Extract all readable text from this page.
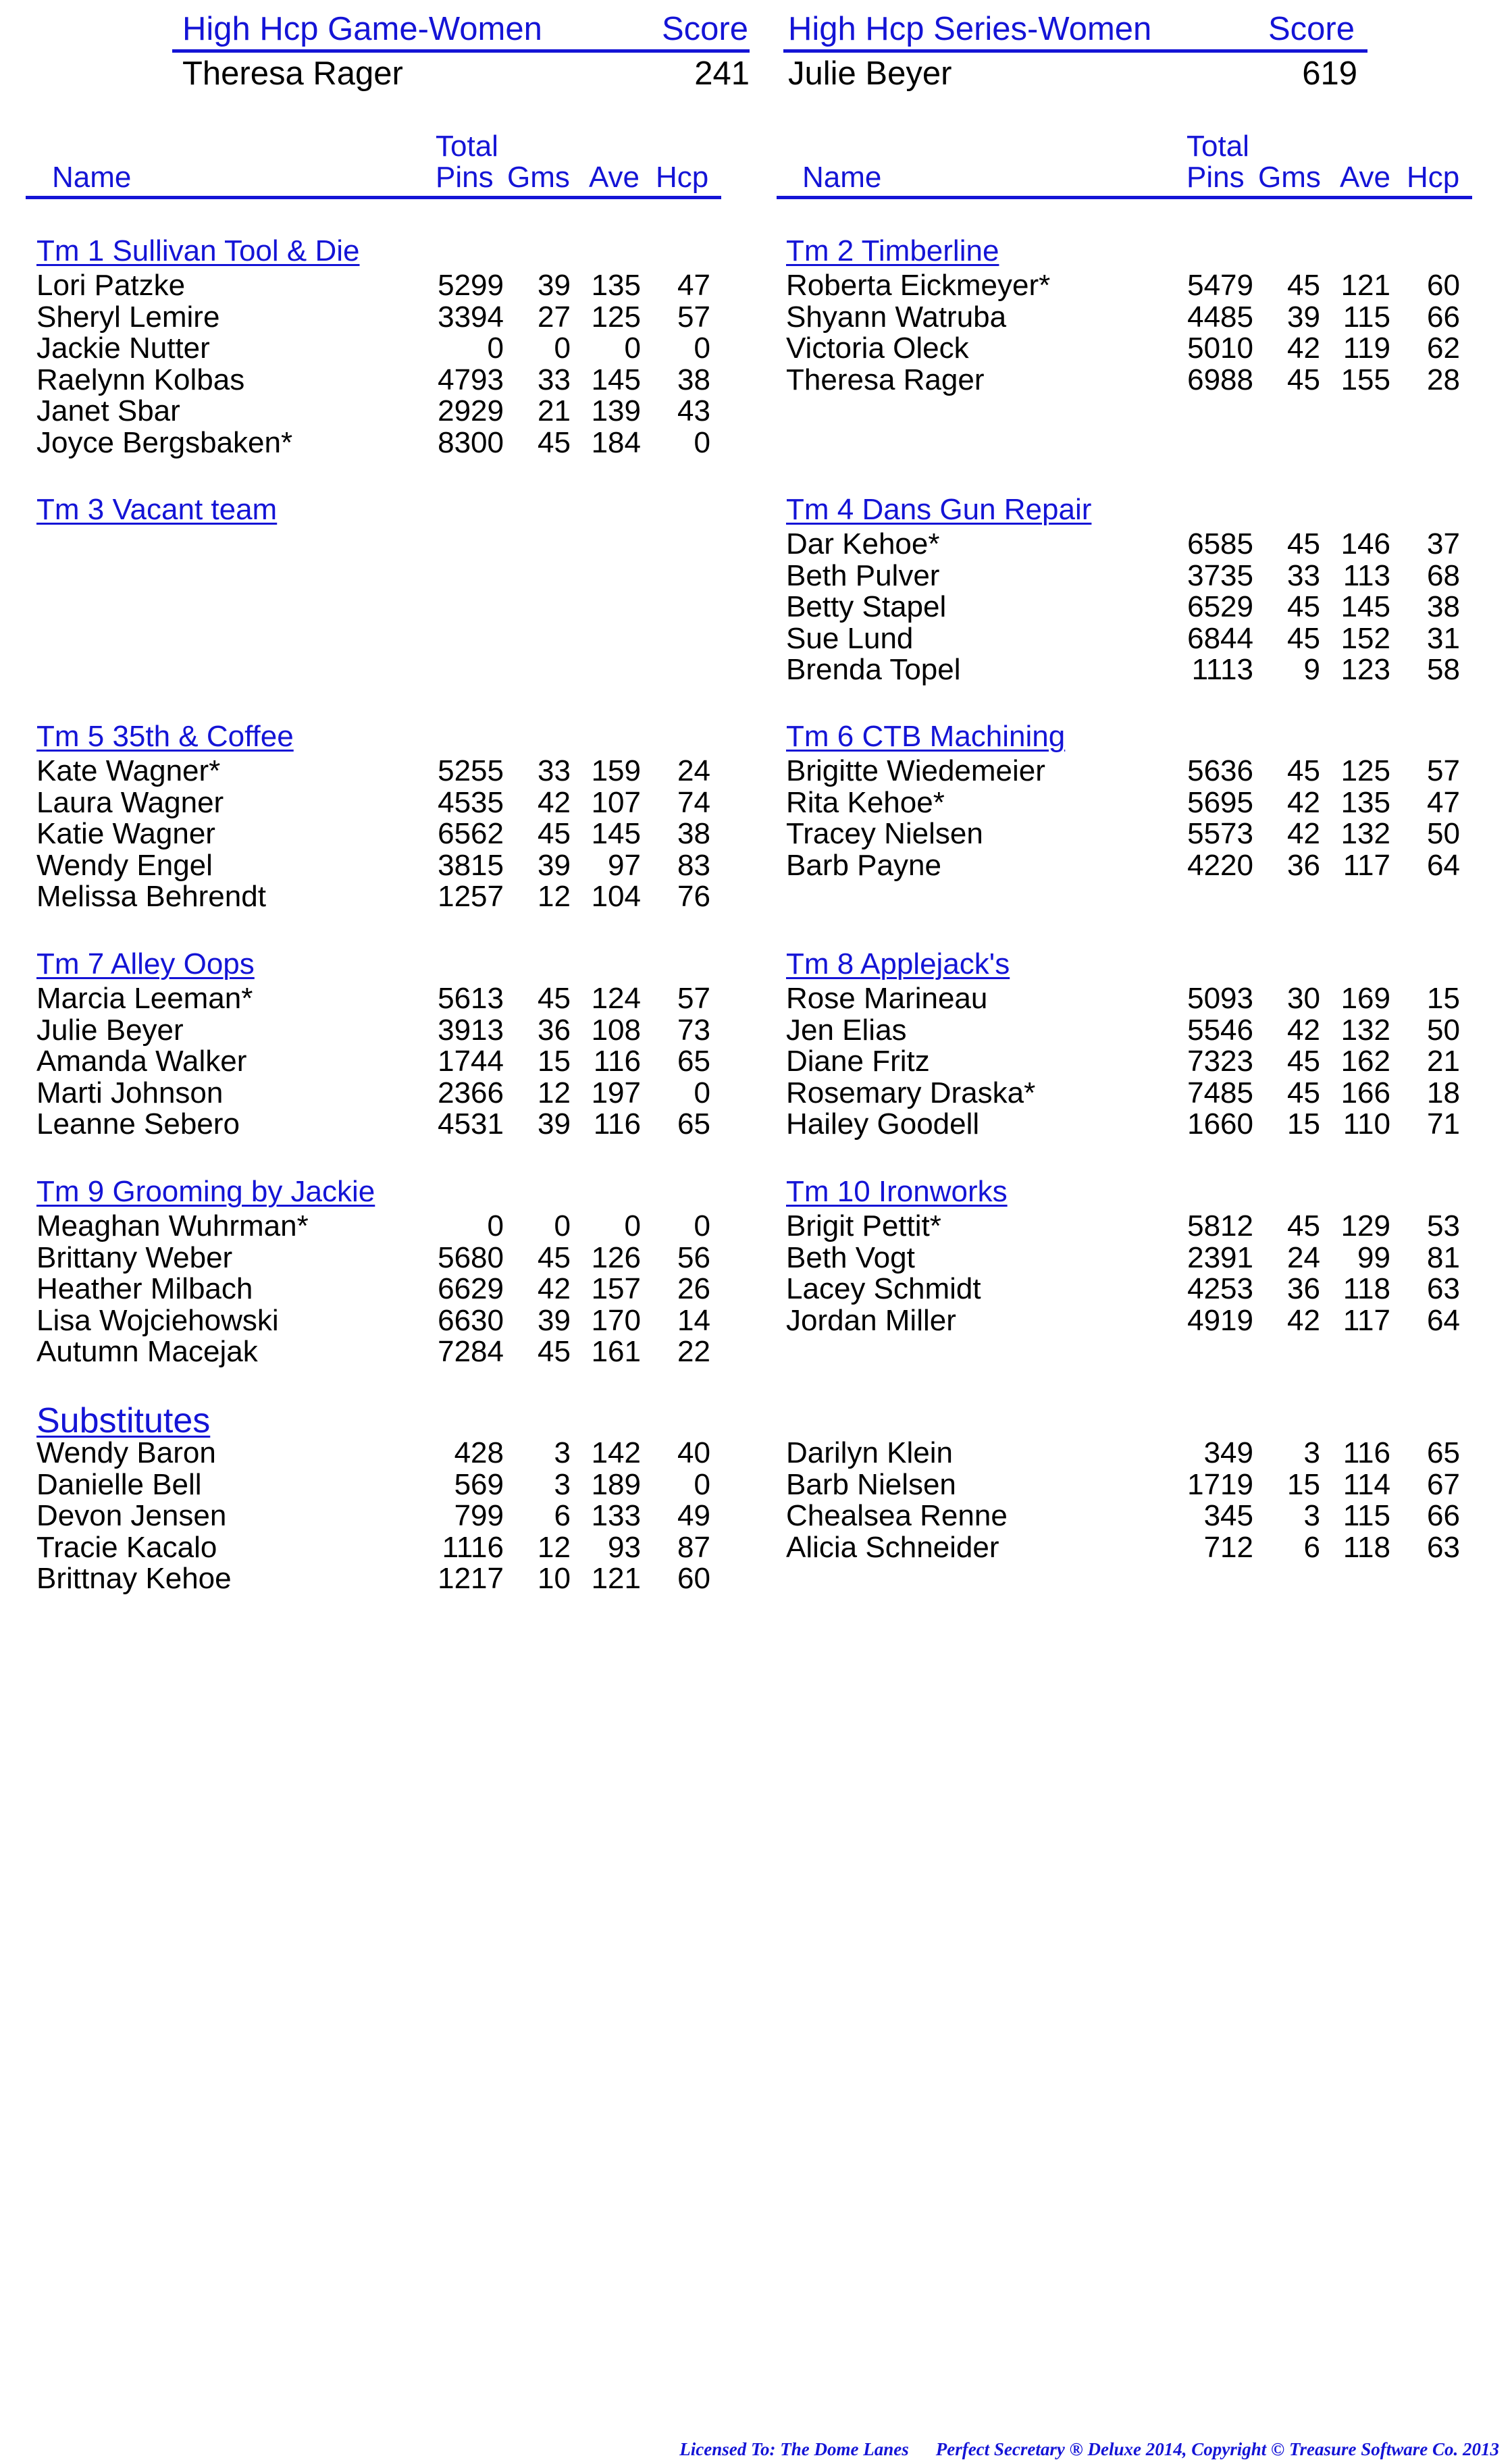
High Hcp Game-Women	Score
Theresa Rager	241
High Hcp Series-Women	Score
Julie Beyer	619
Total
Name	Pins Gms Ave Hcp
Total
Name	Pins Gms Ave Hcp
Tm 1 Sullivan Tool & Die
Lori Patzke	5299	39 135	47
Sheryl Lemire	3394	27 125	57
Jackie Nutter	0	0	0	0
Raelynn Kolbas	4793	33 145	38
Janet Sbar	2929	21 139	43
Joyce Bergsbaken*	8300	45 184	0
Tm 3 Vacant team
Tm 5 35th & Coffee
Kate Wagner*	5255	33 159	24
Laura Wagner	4535	42 107	74
Katie Wagner	6562	45 145	38
Wendy Engel	3815	39	97	83
Melissa Behrendt	1257	12 104	76
Tm 7 Alley Oops
Marcia Leeman*	5613	45 124	57
Julie Beyer	3913	36 108	73
Amanda Walker	1744	15 116	65
Marti Johnson	2366	12 197	0
Leanne Sebero	4531	39 116	65
Tm 9 Grooming by Jackie
Meaghan Wuhrman*	0	0	0	0
Brittany Weber	5680	45 126	56
Heather Milbach	6629	42 157	26
Lisa Wojciehowski	6630	39 170	14
Autumn Macejak	7284	45 161	22
Tm 2 Timberline
Roberta Eickmeyer*	5479	45 121	60
Shyann Watruba	4485	39 115	66
Victoria Oleck	5010	42 119	62
Theresa Rager	6988	45 155	28
Tm 4 Dans Gun Repair
Dar Kehoe*	6585	45 146	37
Beth Pulver	3735	33 113	68
Betty Stapel	6529	45 145	38
Sue Lund	6844	45 152	31
Brenda Topel	1113	9 123	58
Tm 6 CTB Machining
Brigitte Wiedemeier	5636	45 125	57
Rita Kehoe*	5695	42 135	47
Tracey Nielsen	5573	42 132	50
Barb Payne	4220	36 117	64
Tm 8 Applejack's
Rose Marineau	5093	30 169	15
Jen Elias	5546	42 132	50
Diane Fritz	7323	45 162	21
Rosemary Draska*	7485	45 166	18
Hailey Goodell	1660	15 110	71
Tm 10 Ironworks
Brigit Pettit*	5812	45 129	53
Beth Vogt	2391	24	99	81
Lacey Schmidt	4253	36 118	63
Jordan Miller	4919	42 117	64
Substitutes
Wendy Baron	428	3 142	40
Danielle Bell	569	3 189	0
Devon Jensen	799	6 133	49
Tracie Kacalo	1116	12	93	87
Brittnay Kehoe	1217	10 121	60
Darilyn Klein	349	3 116	65
Barb Nielsen	1719	15 114	67
Chealsea Renne	345	3 115	66
Alicia Schneider	712	6 118	63
Licensed To: The Dome Lanes Perfect Secretary ® Deluxe 2014, Copyright © Treasure Software Co. 2013
